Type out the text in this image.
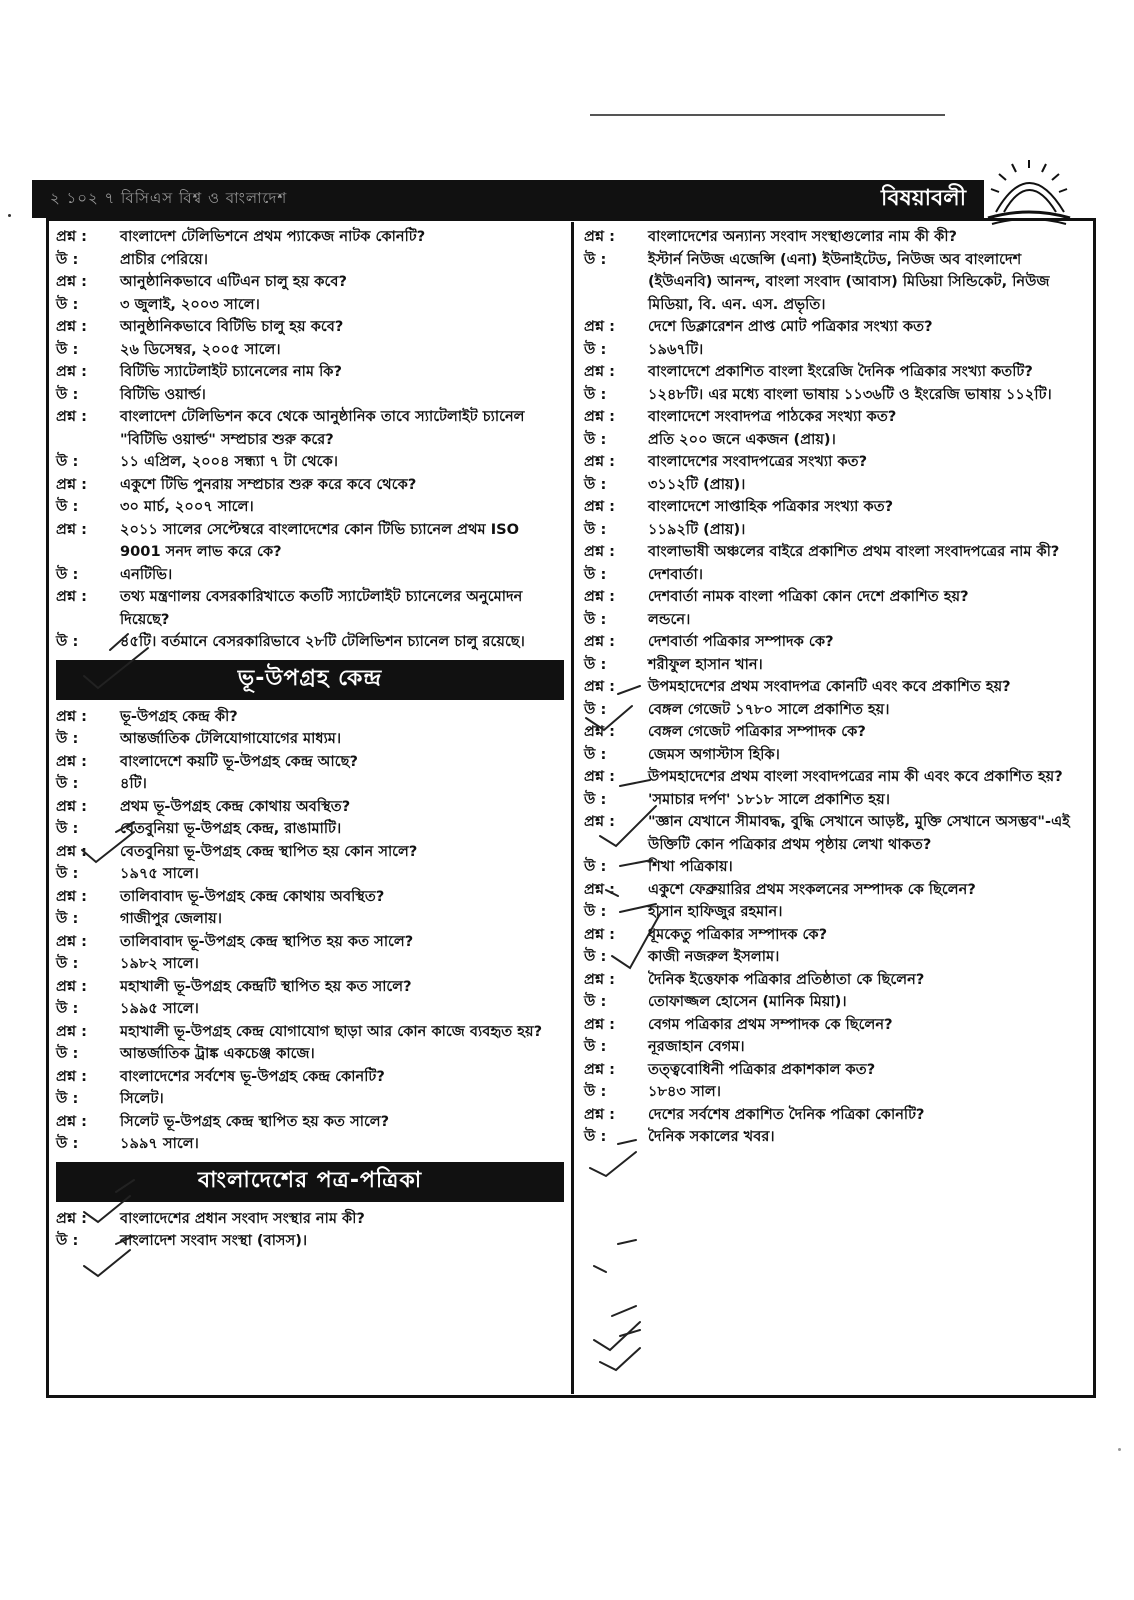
২ ১০২ ৭ বিসিএস বিশ্ব ও বাংলাদেশ	বিষয়াবলী
প্রশ্ন :	বাংলাদেশ টেলিভিশনে প্রথম প্যাকেজ নাটক কোনটি?
উ :	প্রাচীর পেরিয়ে।
প্রশ্ন :	আনুষ্ঠানিকভাবে এটিএন চালু হয় কবে?
উ :	৩ জুলাই, ২০০৩ সালে।
প্রশ্ন :	আনুষ্ঠানিকভাবে বিটিভি চালু হয় কবে?
উ :	২৬ ডিসেম্বর, ২০০৫ সালে।
প্রশ্ন :	বিটিভি স্যাটেলাইট চ্যানেলের নাম কি?
উ :	বিটিভি ওয়ার্ল্ড।
প্রশ্ন :	বাংলাদেশ টেলিভিশন কবে থেকে আনুষ্ঠানিক তাবে স্যাটেলাইট চ্যানেল "বিটিভি ওয়ার্ল্ড" সম্প্রচার শুরু করে?
উ :	১১ এপ্রিল, ২০০৪ সন্ধ্যা ৭ টা থেকে।
প্রশ্ন :	একুশে টিভি পুনরায় সম্প্রচার শুরু করে কবে থেকে?
উ :	৩০ মার্চ, ২০০৭ সালে।
প্রশ্ন :	২০১১ সালের সেপ্টেম্বরে বাংলাদেশের কোন টিভি চ্যানেল প্রথম ISO 9001 সনদ লাভ করে কে?
উ :	এনটিভি।
প্রশ্ন :	তথ্য মন্ত্রণালয় বেসরকারিখাতে কতটি স্যাটেলাইট চ্যানেলের অনুমোদন দিয়েছে?
উ :	৪৫টি। বর্তমানে বেসরকারিভাবে ২৮টি টেলিভিশন চ্যানেল চালু রয়েছে।
ভূ-উপগ্রহ কেন্দ্র
প্রশ্ন :	ভূ-উপগ্রহ কেন্দ্র কী?
উ :	আন্তর্জাতিক টেলিযোগাযোগের মাধ্যম।
প্রশ্ন :	বাংলাদেশে কয়টি ভূ-উপগ্রহ কেন্দ্র আছে?
উ :	৪টি।
প্রশ্ন :	প্রথম ভূ-উপগ্রহ কেন্দ্র কোথায় অবস্থিত?
উ :	বেতবুনিয়া ভূ-উপগ্রহ কেন্দ্র, রাঙামাটি।
প্রশ্ন :	বেতবুনিয়া ভূ-উপগ্রহ কেন্দ্র স্থাপিত হয় কোন সালে?
উ :	১৯৭৫ সালে।
প্রশ্ন :	তালিবাবাদ ভূ-উপগ্রহ কেন্দ্র কোথায় অবস্থিত?
উ :	গাজীপুর জেলায়।
প্রশ্ন :	তালিবাবাদ ভূ-উপগ্রহ কেন্দ্র স্থাপিত হয় কত সালে?
উ :	১৯৮২ সালে।
প্রশ্ন :	মহাখালী ভূ-উপগ্রহ কেন্দ্রটি স্থাপিত হয় কত সালে?
উ :	১৯৯৫ সালে।
প্রশ্ন :	মহাখালী ভূ-উপগ্রহ কেন্দ্র যোগাযোগ ছাড়া আর কোন কাজে ব্যবহৃত হয়?
উ :	আন্তর্জাতিক ট্রাঙ্ক একচেঞ্জ কাজে।
প্রশ্ন :	বাংলাদেশের সর্বশেষ ভূ-উপগ্রহ কেন্দ্র কোনটি?
উ :	সিলেট।
প্রশ্ন :	সিলেট ভূ-উপগ্রহ কেন্দ্র স্থাপিত হয় কত সালে?
উ :	১৯৯৭ সালে।
বাংলাদেশের পত্র-পত্রিকা
প্রশ্ন :	বাংলাদেশের প্রধান সংবাদ সংস্থার নাম কী?
উ :	বাংলাদেশ সংবাদ সংস্থা (বাসস)।
প্রশ্ন :	বাংলাদেশের অন্যান্য সংবাদ সংস্থাগুলোর নাম কী কী?
উ :	ইস্টার্ন নিউজ এজেন্সি (এনা) ইউনাইটেড, নিউজ অব বাংলাদেশ (ইউএনবি) আনন্দ, বাংলা সংবাদ (আবাস) মিডিয়া সিন্ডিকেট, নিউজ মিডিয়া, বি. এন. এস. প্রভৃতি।
প্রশ্ন :	দেশে ডিক্লারেশন প্রাপ্ত মোট পত্রিকার সংখ্যা কত?
উ :	১৯৬৭টি।
প্রশ্ন :	বাংলাদেশে প্রকাশিত বাংলা ইংরেজি দৈনিক পত্রিকার সংখ্যা কতটি?
উ :	১২৪৮টি। এর মধ্যে বাংলা ভাষায় ১১৩৬টি ও ইংরেজি ভাষায় ১১২টি।
প্রশ্ন :	বাংলাদেশে সংবাদপত্র পাঠকের সংখ্যা কত?
উ :	প্রতি ২০০ জনে একজন (প্রায়)।
প্রশ্ন :	বাংলাদেশের সংবাদপত্রের সংখ্যা কত?
উ :	৩১১২টি (প্রায়)।
প্রশ্ন :	বাংলাদেশে সাপ্তাহিক পত্রিকার সংখ্যা কত?
উ :	১১৯২টি (প্রায়)।
প্রশ্ন :	বাংলাভাষী অঞ্চলের বাইরে প্রকাশিত প্রথম বাংলা সংবাদপত্রের নাম কী?
উ :	দেশবার্তা।
প্রশ্ন :	দেশবার্তা নামক বাংলা পত্রিকা কোন দেশে প্রকাশিত হয়?
উ :	লন্ডনে।
প্রশ্ন :	দেশবার্তা পত্রিকার সম্পাদক কে?
উ :	শরীফুল হাসান খান।
প্রশ্ন :	উপমহাদেশের প্রথম সংবাদপত্র কোনটি এবং কবে প্রকাশিত হয়?
উ :	বেঙ্গল গেজেট ১৭৮০ সালে প্রকাশিত হয়।
প্রশ্ন :	বেঙ্গল গেজেট পত্রিকার সম্পাদক কে?
উ :	জেমস অগাস্টাস হিকি।
প্রশ্ন :	উপমহাদেশের প্রথম বাংলা সংবাদপত্রের নাম কী এবং কবে প্রকাশিত হয়?
উ :	'সমাচার দর্পণ' ১৮১৮ সালে প্রকাশিত হয়।
প্রশ্ন :	"জ্ঞান যেখানে সীমাবদ্ধ, বুদ্ধি সেখানে আড়ষ্ট, মুক্তি সেখানে অসম্ভব"-এই উক্তিটি কোন পত্রিকার প্রথম পৃষ্ঠায় লেখা থাকত?
উ :	শিখা পত্রিকায়।
প্রশ্ন :	একুশে ফেব্রুয়ারির প্রথম সংকলনের সম্পাদক কে ছিলেন?
উ :	হাসান হাফিজুর রহমান।
প্রশ্ন :	ধূমকেতু পত্রিকার সম্পাদক কে?
উ :	কাজী নজরুল ইসলাম।
প্রশ্ন :	দৈনিক ইত্তেফাক পত্রিকার প্রতিষ্ঠাতা কে ছিলেন?
উ :	তোফাজ্জল হোসেন (মানিক মিয়া)।
প্রশ্ন :	বেগম পত্রিকার প্রথম সম্পাদক কে ছিলেন?
উ :	নূরজাহান বেগম।
প্রশ্ন :	তত্ত্ববোধিনী পত্রিকার প্রকাশকাল কত?
উ :	১৮৪৩ সাল।
প্রশ্ন :	দেশের সর্বশেষ প্রকাশিত দৈনিক পত্রিকা কোনটি?
উ :	দৈনিক সকালের খবর।
